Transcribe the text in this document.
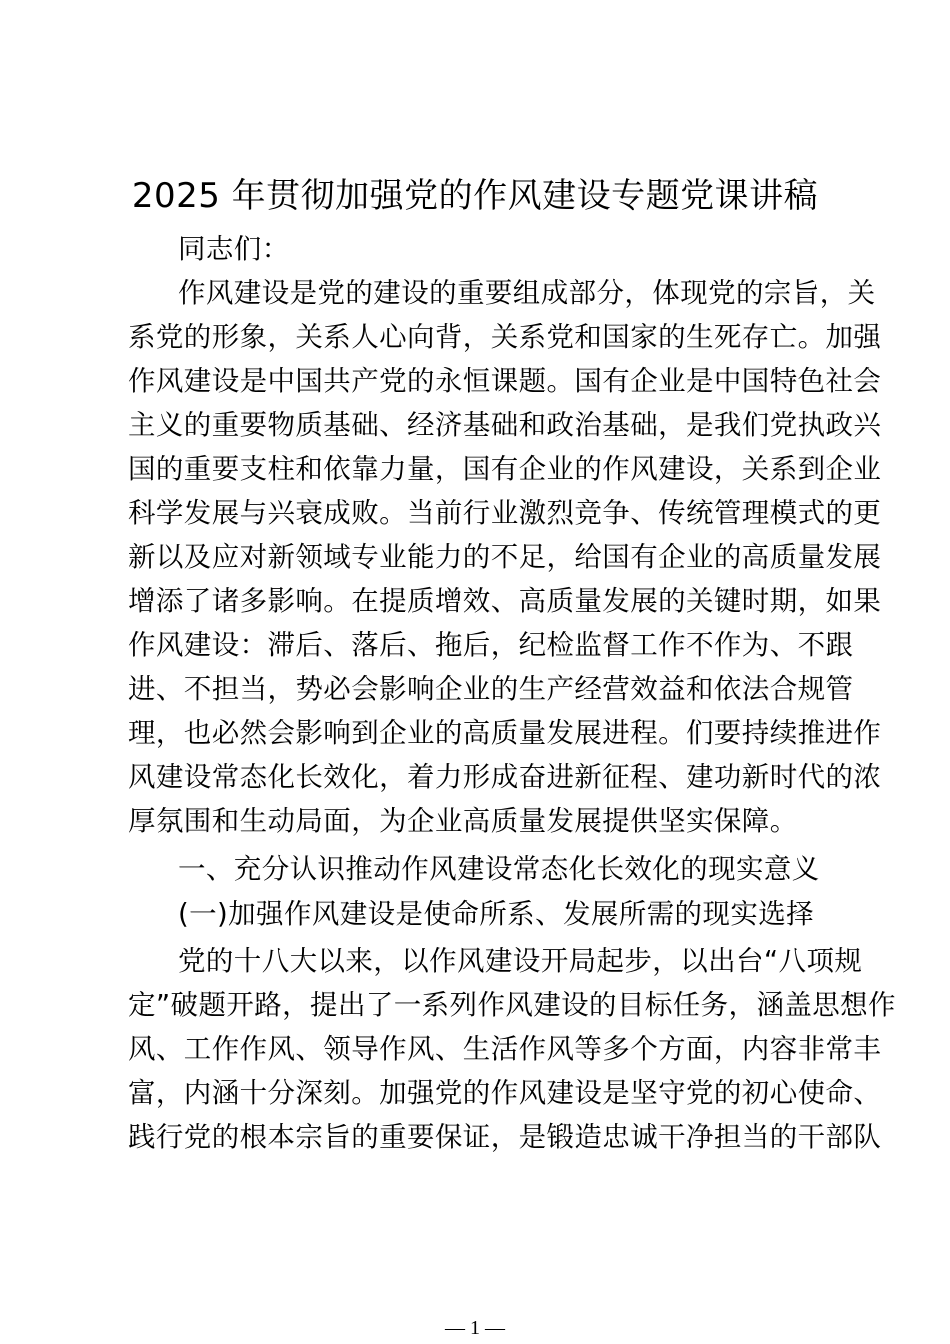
2025 年贯彻加强党的作风建设专题党课讲稿
同志们：
作风建设是党的建设的重要组成部分，体现党的宗旨，关
系党的形象，关系人心向背，关系党和国家的生死存亡。加强
作风建设是中国共产党的永恒课题。国有企业是中国特色社会
主义的重要物质基础、经济基础和政治基础，是我们党执政兴
国的重要支柱和依靠力量，国有企业的作风建设，关系到企业
科学发展与兴衰成败。当前行业激烈竞争、传统管理模式的更
新以及应对新领域专业能力的不足，给国有企业的高质量发展
增添了诸多影响。在提质增效、高质量发展的关键时期，如果
作风建设：滞后、落后、拖后，纪检监督工作不作为、不跟
进、不担当，势必会影响企业的生产经营效益和依法合规管
理，也必然会影响到企业的高质量发展进程。们要持续推进作
风建设常态化长效化，着力形成奋进新征程、建功新时代的浓
厚氛围和生动局面，为企业高质量发展提供坚实保障。
一、充分认识推动作风建设常态化长效化的现实意义
(一)加强作风建设是使命所系、发展所需的现实选择
党的十八大以来，以作风建设开局起步，以出台“八项规
定”破题开路，提出了一系列作风建设的目标任务，涵盖思想作
风、工作作风、领导作风、生活作风等多个方面，内容非常丰
富，内涵十分深刻。加强党的作风建设是坚守党的初心使命、
践行党的根本宗旨的重要保证，是锻造忠诚干净担当的干部队
— 1 —
